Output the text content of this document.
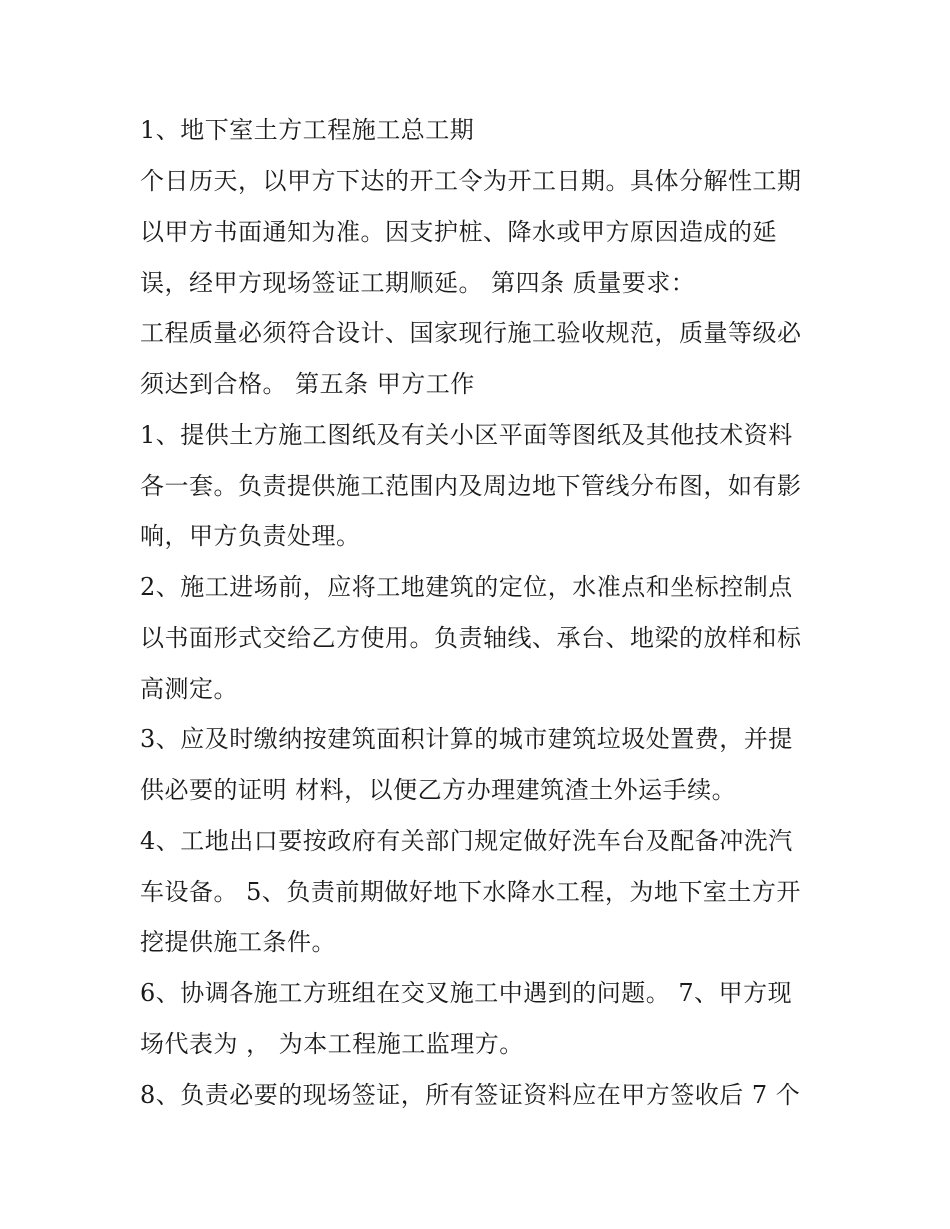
1、地下室土方工程施工总工期
个日历天，以甲方下达的开工令为开工日期。具体分解性工期
以甲方书面通知为准。因支护桩、降水或甲方原因造成的延
误，经甲方现场签证工期顺延。 第四条 质量要求：
工程质量必须符合设计、国家现行施工验收规范，质量等级必
须达到合格。 第五条 甲方工作
1、提供土方施工图纸及有关小区平面等图纸及其他技术资料
各一套。负责提供施工范围内及周边地下管线分布图，如有影
响，甲方负责处理。
2、施工进场前，应将工地建筑的定位，水准点和坐标控制点
以书面形式交给乙方使用。负责轴线、承台、地梁的放样和标
高测定。
3、应及时缴纳按建筑面积计算的城市建筑垃圾处置费，并提
供必要的证明 材料，以便乙方办理建筑渣土外运手续。
4、工地出口要按政府有关部门规定做好洗车台及配备冲洗汽
车设备。 5、负责前期做好地下水降水工程，为地下室土方开
挖提供施工条件。
6、协调各施工方班组在交叉施工中遇到的问题。 7、甲方现
场代表为 ， 为本工程施工监理方。
8、负责必要的现场签证，所有签证资料应在甲方签收后 7 个
